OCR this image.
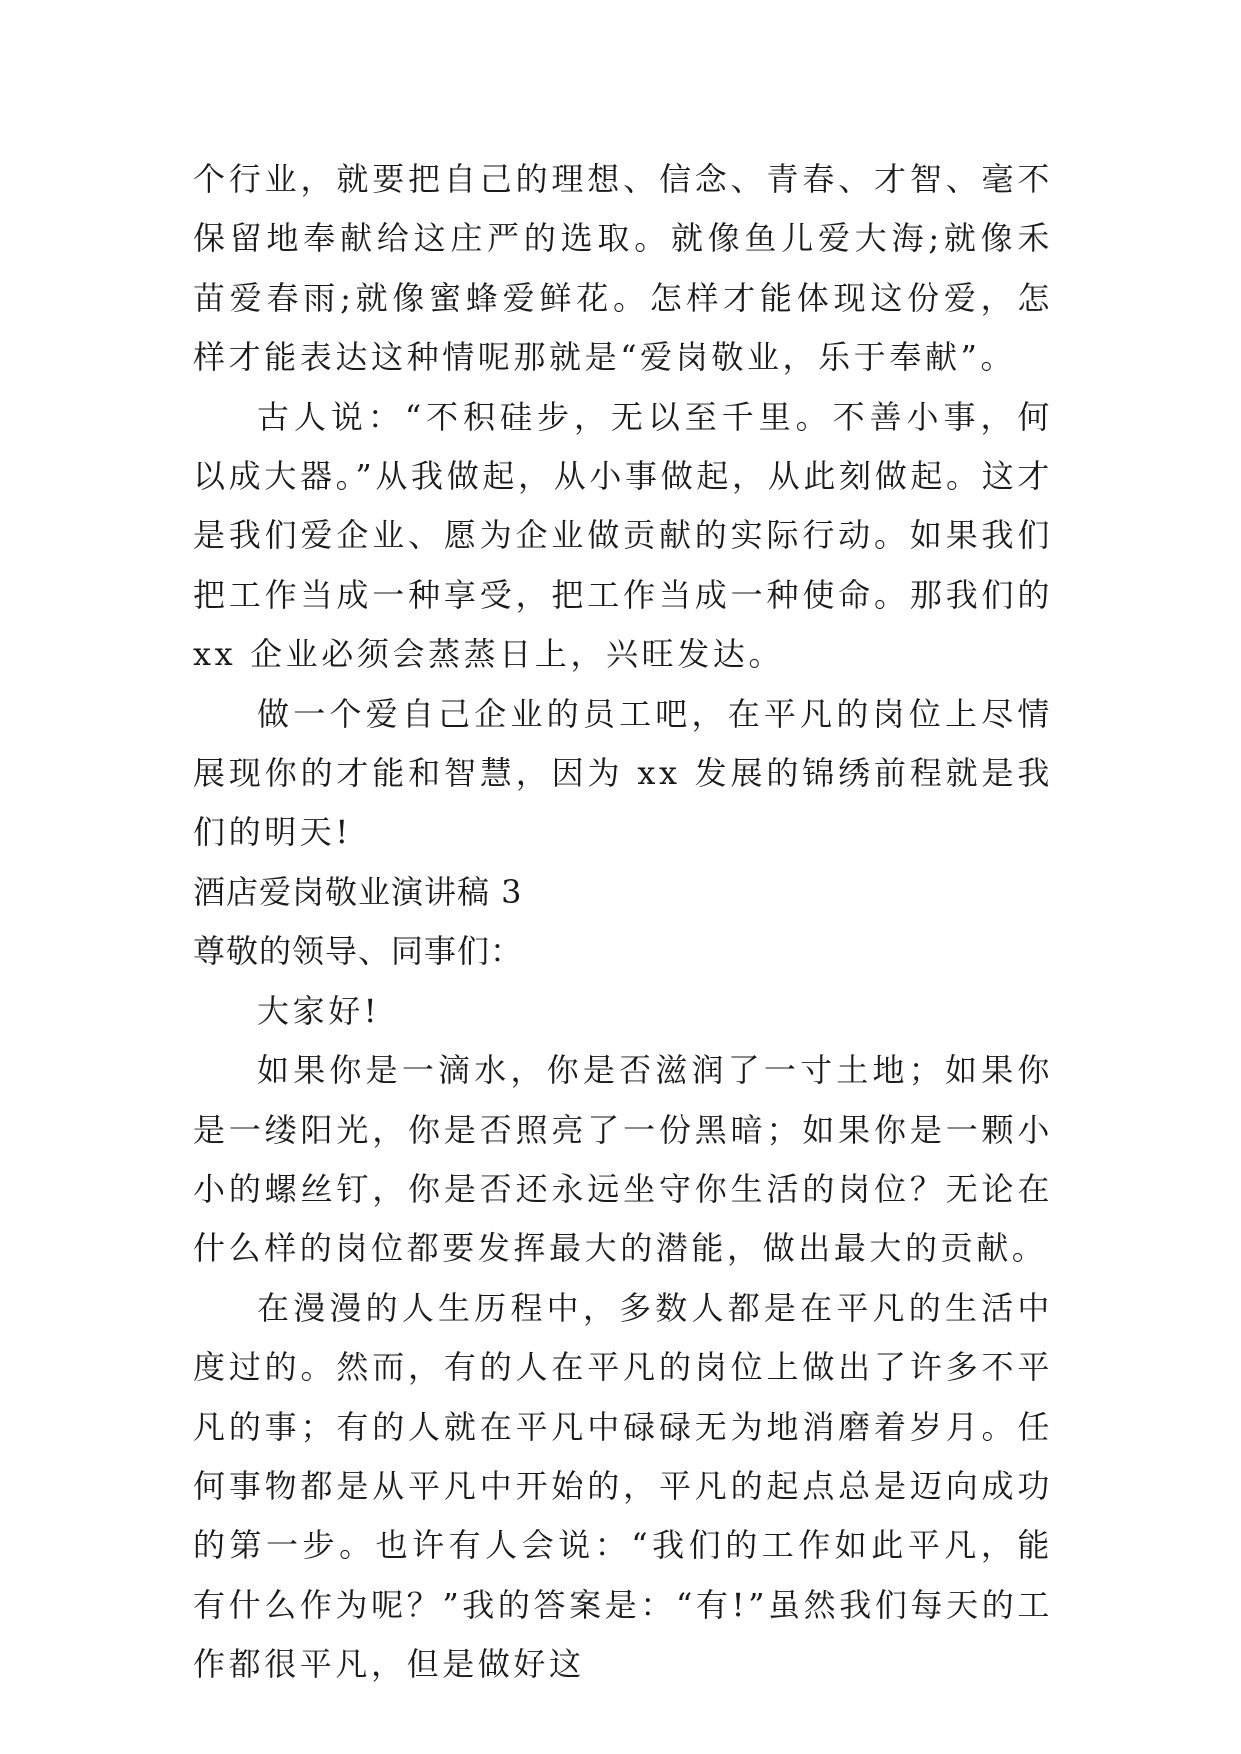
个行业，就要把自己的理想、信念、青春、才智、毫不保留地奉献给这庄严的选取。就像鱼儿爱大海;就像禾苗爱春雨;就像蜜蜂爱鲜花。怎样才能体现这份爱，怎样才能表达这种情呢那就是“爱岗敬业，乐于奉献”。

古人说：“不积硅步，无以至千里。不善小事，何以成大器。”从我做起，从小事做起，从此刻做起。这才是我们爱企业、愿为企业做贡献的实际行动。如果我们把工作当成一种享受，把工作当成一种使命。那我们的 xx 企业必须会蒸蒸日上，兴旺发达。

做一个爱自己企业的员工吧，在平凡的岗位上尽情展现你的才能和智慧，因为 xx 发展的锦绣前程就是我们的明天!

酒店爱岗敬业演讲稿 3

尊敬的领导、同事们：

大家好!

如果你是一滴水，你是否滋润了一寸土地；如果你是一缕阳光，你是否照亮了一份黑暗；如果你是一颗小小的螺丝钉，你是否还永远坐守你生活的岗位？无论在什么样的岗位都要发挥最大的潜能，做出最大的贡献。

在漫漫的人生历程中，多数人都是在平凡的生活中度过的。然而，有的人在平凡的岗位上做出了许多不平凡的事；有的人就在平凡中碌碌无为地消磨着岁月。任何事物都是从平凡中开始的，平凡的起点总是迈向成功的第一步。也许有人会说：“我们的工作如此平凡，能有什么作为呢？”我的答案是：“有!”虽然我们每天的工作都很平凡，但是做好这
